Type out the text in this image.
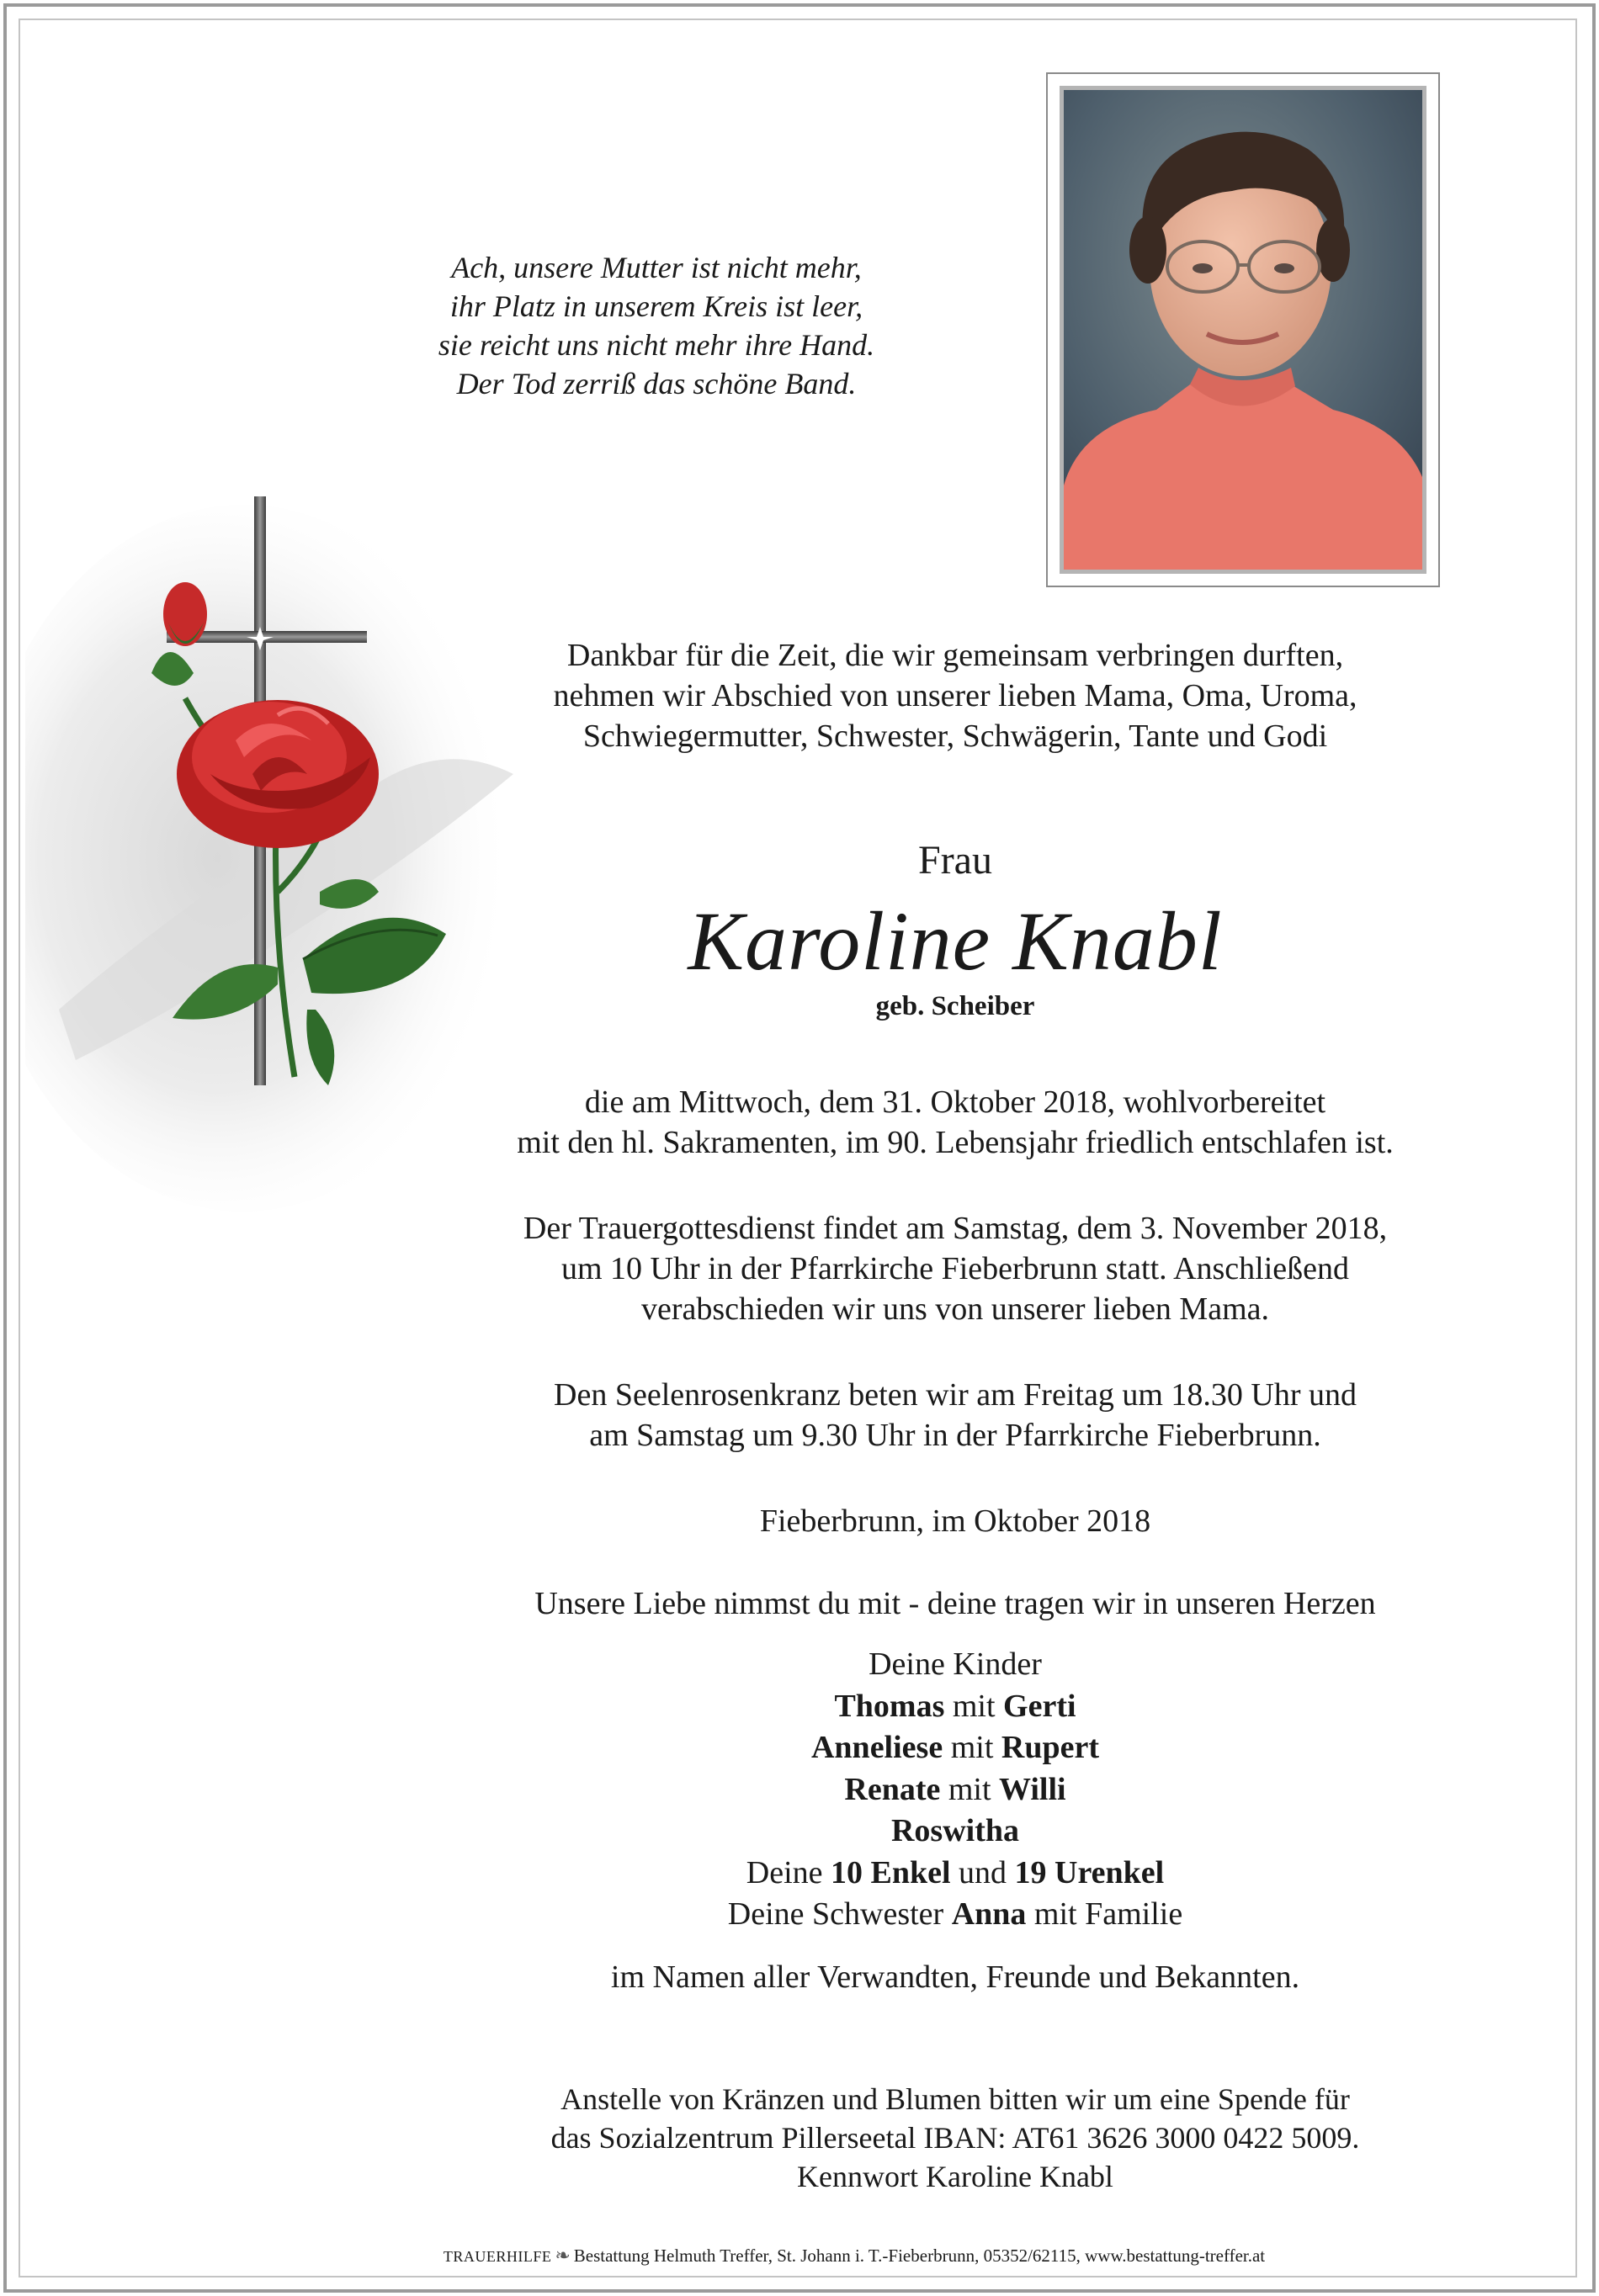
Ach, unsere Mutter ist nicht mehr,
ihr Platz in unserem Kreis ist leer,
sie reicht uns nicht mehr ihre Hand.
Der Tod zerriß das schöne Band.
Dankbar für die Zeit, die wir gemeinsam verbringen durften,
nehmen wir Abschied von unserer lieben Mama, Oma, Uroma,
Schwiegermutter, Schwester, Schwägerin, Tante und Godi
Frau
Karoline Knabl
geb. Scheiber
die am Mittwoch, dem 31. Oktober 2018, wohlvorbereitet
mit den hl. Sakramenten, im 90. Lebensjahr friedlich entschlafen ist.
Der Trauergottesdienst findet am Samstag, dem 3. November 2018,
um 10 Uhr in der Pfarrkirche Fieberbrunn statt. Anschließend
verabschieden wir uns von unserer lieben Mama.
Den Seelenrosenkranz beten wir am Freitag um 18.30 Uhr und
am Samstag um 9.30 Uhr in der Pfarrkirche Fieberbrunn.
Fieberbrunn, im Oktober 2018
Unsere Liebe nimmst du mit - deine tragen wir in unseren Herzen
Deine Kinder
Thomas mit Gerti
Anneliese mit Rupert
Renate mit Willi
Roswitha
Deine 10 Enkel und 19 Urenkel
Deine Schwester Anna mit Familie
im Namen aller Verwandten, Freunde und Bekannten.
Anstelle von Kränzen und Blumen bitten wir um eine Spende für
das Sozialzentrum Pillerseetal IBAN: AT61 3626 3000 0422 5009.
Kennwort Karoline Knabl
TRAUERHILFE ❧ Bestattung Helmuth Treffer, St. Johann i. T.-Fieberbrunn, 05352/62115, www.bestattung-treffer.at
